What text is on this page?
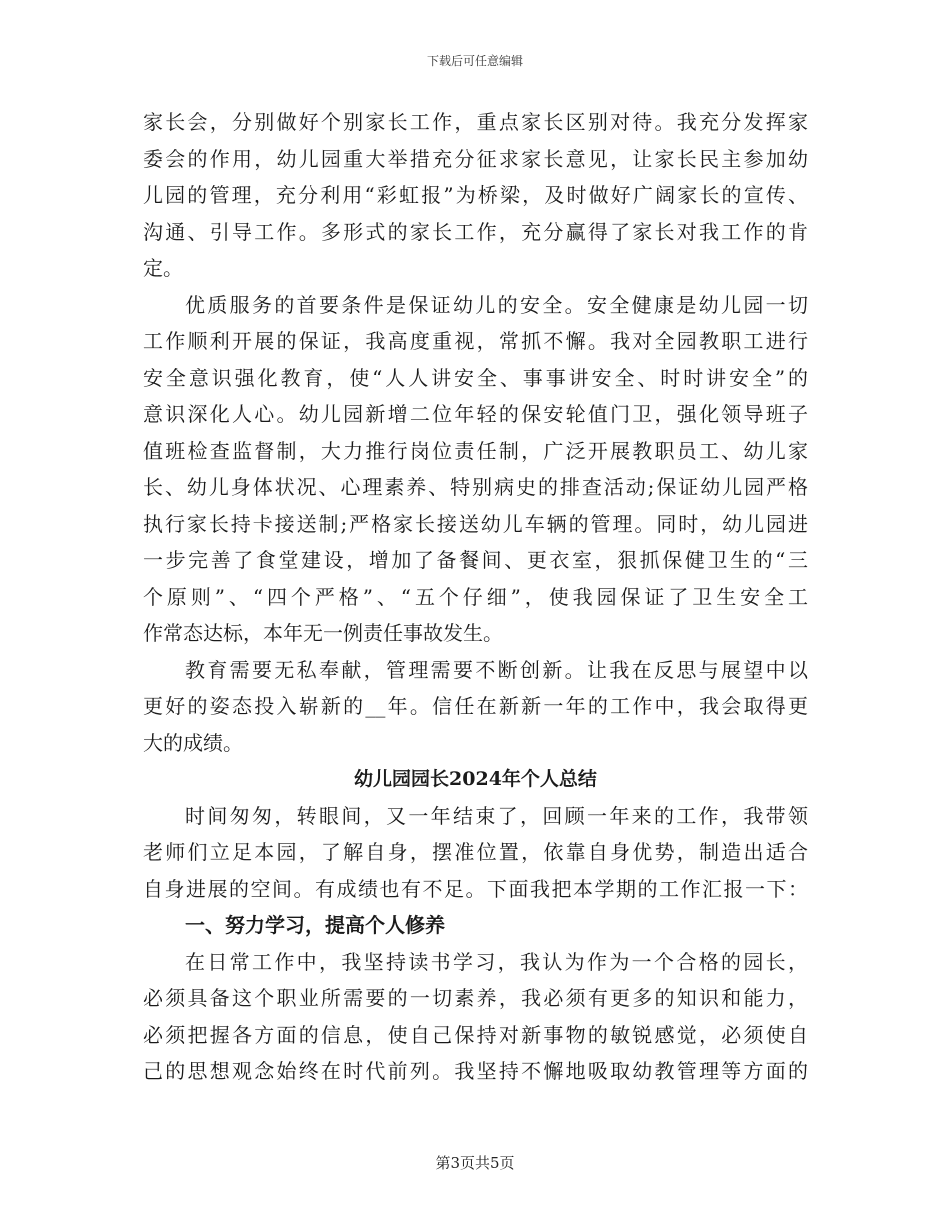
下载后可任意编辑
家长会，分别做好个别家长工作，重点家长区别对待。我充分发挥家
委会的作用，幼儿园重大举措充分征求家长意见，让家长民主参加幼
儿园的管理，充分利用“彩虹报”为桥梁，及时做好广阔家长的宣传、
沟通、引导工作。多形式的家长工作，充分赢得了家长对我工作的肯
定。
优质服务的首要条件是保证幼儿的安全。安全健康是幼儿园一切
工作顺利开展的保证，我高度重视，常抓不懈。我对全园教职工进行
安全意识强化教育，使“人人讲安全、事事讲安全、时时讲安全”的
意识深化人心。幼儿园新增二位年轻的保安轮值门卫，强化领导班子
值班检查监督制，大力推行岗位责任制，广泛开展教职员工、幼儿家
长、幼儿身体状况、心理素养、特别病史的排查活动;保证幼儿园严格
执行家长持卡接送制;严格家长接送幼儿车辆的管理。同时，幼儿园进
一步完善了食堂建设，增加了备餐间、更衣室，狠抓保健卫生的“三
个原则”、“四个严格”、“五个仔细”，使我园保证了卫生安全工
作常态达标，本年无一例责任事故发生。
教育需要无私奉献，管理需要不断创新。让我在反思与展望中以
更好的姿态投入崭新的__年。信任在新新一年的工作中，我会取得更
大的成绩。
幼儿园园长2024年个人总结
时间匆匆，转眼间，又一年结束了，回顾一年来的工作，我带领
老师们立足本园，了解自身，摆准位置，依靠自身优势，制造出适合
自身进展的空间。有成绩也有不足。下面我把本学期的工作汇报一下：
一、努力学习，提高个人修养
在日常工作中，我坚持读书学习，我认为作为一个合格的园长，
必须具备这个职业所需要的一切素养，我必须有更多的知识和能力，
必须把握各方面的信息，使自己保持对新事物的敏锐感觉，必须使自
己的思想观念始终在时代前列。我坚持不懈地吸取幼教管理等方面的
第3页共5页
